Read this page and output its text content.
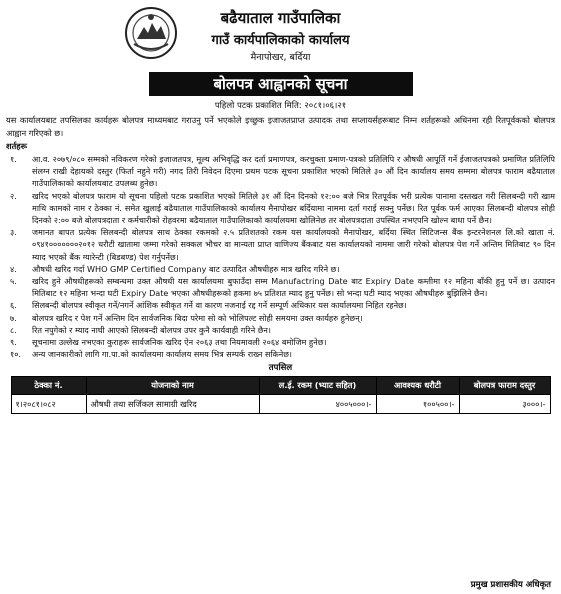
बढैयाताल गाउँपालिका
गाउँ कार्यपालिकाको कार्यालय
मैनापोखर, बर्दिया
बोलपत्र आह्वानको सूचना
पहिलो पटक प्रकाशित मिति: २०८१।०६।२१
यस कार्यालयबाट तपसिलका कार्यहरू बोलपत्र माध्यमबाट गराउनु पर्ने भएकोले इच्छुक इजाजतप्राप्त उत्पादक तथा सप्लायर्सहरूबाट निम्न शर्तहरूको अधिनमा रही रितपूर्वकको बोलपत्र आह्वान गरिएको छ।
शर्तहरू
१. आ.व. २०७९/०८० सम्मको नविकरण गरेको इजाजतपत्र, मूल्य अभिवृद्धि कर दर्ता प्रमाणपत्र, करचुक्ता प्रमाण-पत्रको प्रतिलिपि र औषधी आपूर्ति गर्ने ईजाजतपत्रको प्रमाणित प्रतिलिपि संलग्न राखी देहायको दस्तुर (फिर्ता नहुने गरी) नगद तिरी निवेदन दिएमा प्रथम पटक सूचना प्रकाशित भएको मितिले ३० औं दिन कार्यालय समय सम्ममा बोलपत्र फाराम बढैयाताल गाउँपालिकाको कार्यालयबाट उपलब्ध हुनेछ।
२. खरिद भएको बोलपत्र फाराम यो सूचना पहिलो पटक प्रकाशित भएको मितिले ३१ औं दिन दिनको १२:०० बजे भित्र रितपूर्वक भरी प्रत्येक पानामा दस्तखत गरी सिलबन्दी गरी खाम माथि कामको नाम र ठेक्का नं. समेत खुलाई बढैयाताल गाउँपालिकाको कार्यालय मैनापोखर बर्दियामा नाममा दर्ता गराई सक्नु पर्नेछ। रित पूर्वक फर्म आएका सिलबन्दी बोलपत्र सोही दिनको २:०० बजे बोलपत्रदाता र कर्मचारीको रोहवरमा बढैयाताल गाउँपालिकाको कार्यालयमा खोलिनेछ तर बोलपत्रदाता उपस्थित नभएपनि खोल्न बाधा पर्ने छैन।
३. जमानत बापत प्रत्येक सिलबन्दी बोलपत्र साथ ठेक्का रकमको २.५ प्रतिशतको रकम यस कार्यालयको मैनापोखर, बर्दिया स्थित सिटिजन्स बैंक इन्टरनेशनल लि.को खाता नं. ०९४१०००००००२०१२ धरौटी खातामा जम्मा गरेको सक्कल भौचर वा मान्यता प्राप्त वाणिज्य बैंकबाट यस कार्यालयको नाममा जारी गरेको बोलपत्र पेश गर्ने अन्तिम मितिबाट ९० दिन म्याद भएको बैंक ग्यारेन्टी (बिडबण्ड) पेश गर्नुपर्नेछ।
४. औषधी खरिद गर्दा WHO GMP Certified Company बाट उत्पादित औषधीहरु मात्र खरिद गरिने छ।
५. खरिद हुने औषधीहरूको सम्बन्धमा उक्त औषधी यस कार्यालयमा बुफाउँदा सम्म Manufactring Date बाट Expiry Date कम्तीमा १२ महिना बाँकी हुनु पर्ने छ। उत्पादन मितिबाट १२ महिना भन्दा घटी Expiry Date भएका औषधीहरूको हकमा ७५ प्रतिशत म्याद हुनु पर्नेछ। सो भन्दा घटी म्याद भएका औषधीहरु बुझिलिने छैन।
६. सिलबन्दी बोलपत्र स्वीकृत गर्ने/नगर्ने आंशिक स्वीकृत गर्ने वा कारण नजनाई रद्द गर्ने सम्पूर्ण अधिकार यस कार्यालयमा निहित रहनेछ।
७. बोलपत्र खरिद र पेश गर्ने अन्तिम दिन सार्वजनिक बिदा परेमा सो को भोलिपल्ट सोही समयमा उक्त कार्यहरु हुनेछन्।
८. रित नपुगेको र म्याद नाघी आएको सिलबन्दी बोलपत्र उपर कुनै कार्यवाही गरिने छैन।
९. सूचनामा उल्लेख नभएका कुराहरू सार्वजनिक खरिद ऐन २०६३ तथा नियमावली २०६४ बमोजिम हुनेछ।
१०. अन्य जानकारीको लागि गा.पा.को कार्यालयमा कार्यालय समय भित्र सम्पर्क राख्न सकिनेछ।
तपसिल
ठेक्का नं.	योजनाको नाम	ल.ई. रकम (भ्याट सहित)	आवश्यक धरौटी	बोलपत्र फाराम दस्तुर
१।२०८१।०८२	औषधी तथा सर्जिकल सामाग्री खरिद	४००५०००।-	१००५००।-	३०००।-
प्रमुख प्रशासकीय अधिकृत
